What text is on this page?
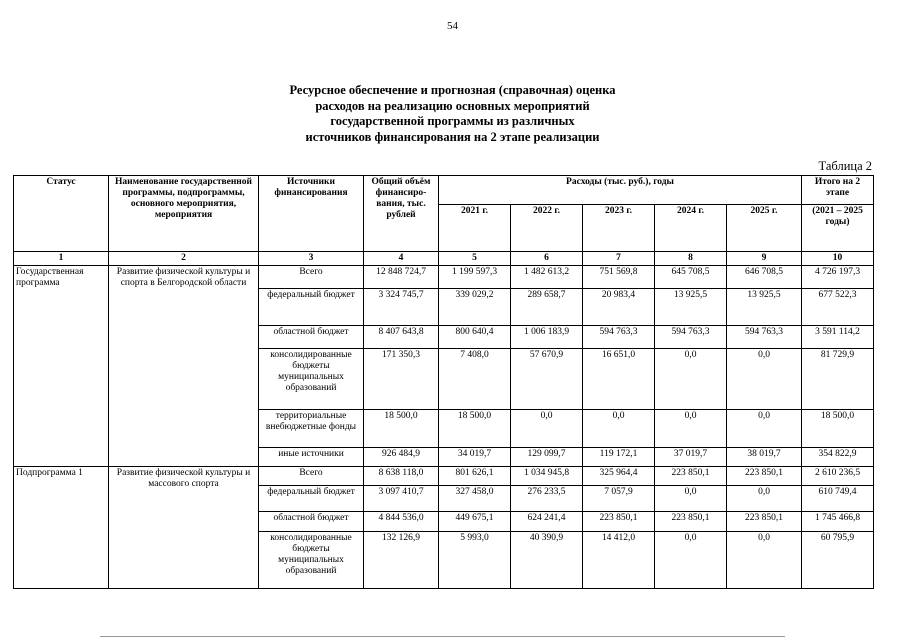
54
Ресурсное обеспечение и прогнозная (справочная) оценка
расходов на реализацию основных мероприятий
государственной программы из различных
источников финансирования на 2 этапе реализации
Таблица 2
Статус	Наименование государственной программы, подпрограммы, основного мероприятия, мероприятия	Источники финансирования	Общий объём финансиро-вания, тыс. рублей	Расходы (тыс. руб.), годы					Итого на 2 этапе
				2021 г.	2022 г.	2023 г.	2024 г.	2025 г.	(2021 – 2025 годы)
1	2	3	4	5	6	7	8	9	10
Государственная программа	Развитие физической культуры и спорта в Белгородской области	Всего	12 848 724,7	1 199 597,3	1 482 613,2	751 569,8	645 708,5	646 708,5	4 726 197,3
		федеральный бюджет	3 324 745,7	339 029,2	289 658,7	20 983,4	13 925,5	13 925,5	677 522,3
		областной бюджет	8 407 643,8	800 640,4	1 006 183,9	594 763,3	594 763,3	594 763,3	3 591 114,2
		консолидированные бюджеты муниципальных образований	171 350,3	7 408,0	57 670,9	16 651,0	0,0	0,0	81 729,9
		территориальные внебюджетные фонды	18 500,0	18 500,0	0,0	0,0	0,0	0,0	18 500,0
		иные источники	926 484,9	34 019,7	129 099,7	119 172,1	37 019,7	38 019,7	354 822,9
Подпрограмма 1	Развитие физической культуры и массового спорта	Всего	8 638 118,0	801 626,1	1 034 945,8	325 964,4	223 850,1	223 850,1	2 610 236,5
		федеральный бюджет	3 097 410,7	327 458,0	276 233,5	7 057,9	0,0	0,0	610 749,4
		областной бюджет	4 844 536,0	449 675,1	624 241,4	223 850,1	223 850,1	223 850,1	1 745 466,8
		консолидированные бюджеты муниципальных образований	132 126,9	5 993,0	40 390,9	14 412,0	0,0	0,0	60 795,9
